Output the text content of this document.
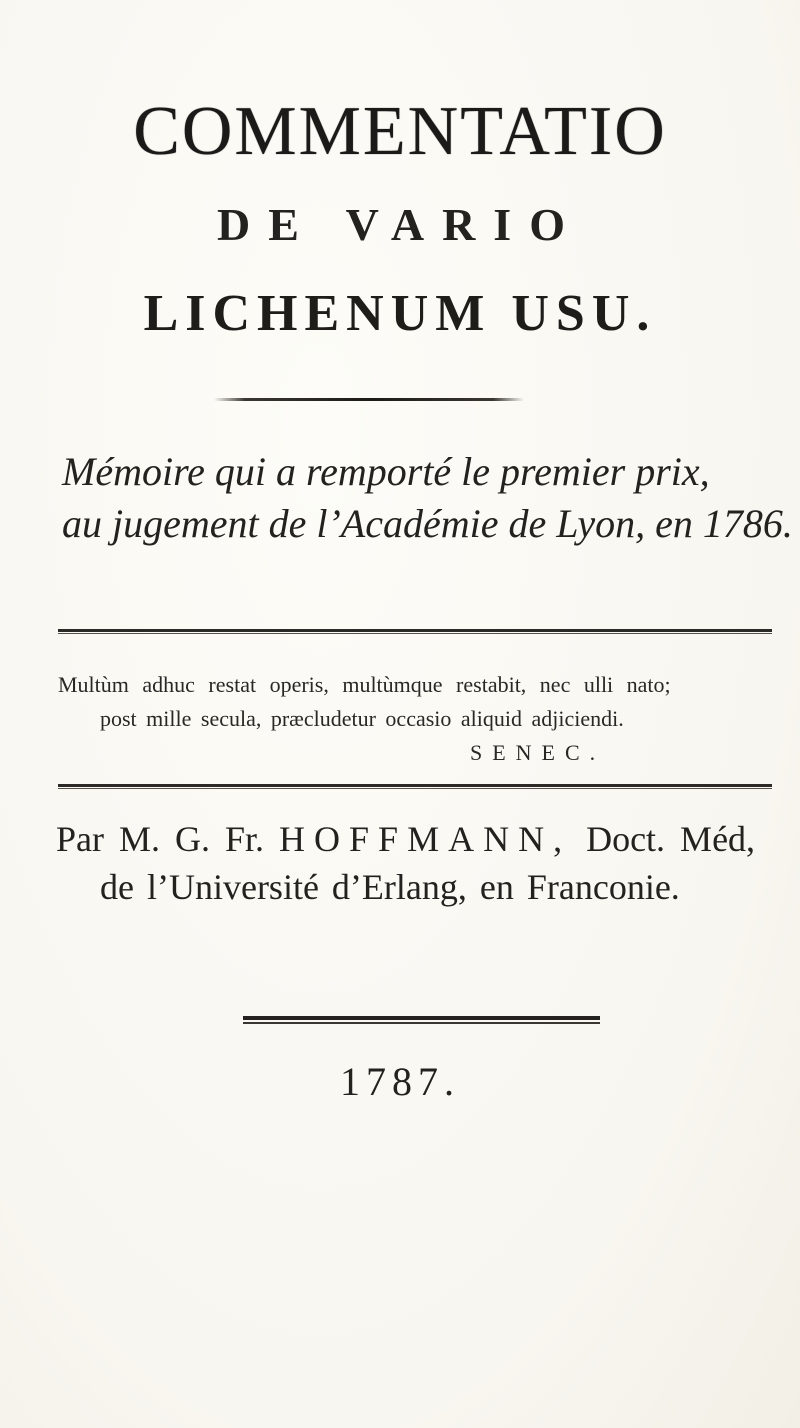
COMMENTATIO
DE VARIO
LICHENUM USU.
Mémoire qui a remporté le premier prix,
au jugement de l’Académie de Lyon, en 1786.
Multùm adhuc restat operis, multùmque restabit, nec ulli nato;
post mille secula, præcludetur occasio aliquid adjiciendi.
SENEC.
Par M. G. Fr. HOFFMANN, Doct. Méd,
de l’Université d’Erlang, en Franconie.
1787.
